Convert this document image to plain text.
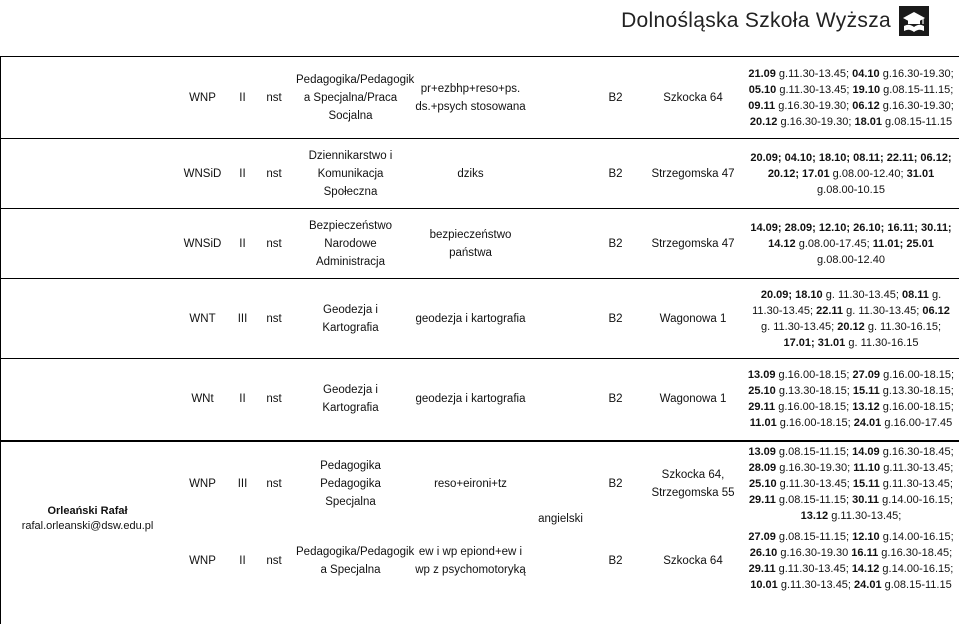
Dolnośląska Szkoła Wyższa
	WNP	II	nst	Pedagogika/Pedagogik a Specjalna/Praca Socjalna	pr+ezbhp+reso+ps. ds.+psych stosowana		B2	Szkocka 64	21.09 g.11.30-13.45; 04.10 g.16.30-19.30; 05.10 g.11.30-13.45; 19.10 g.08.15-11.15; 09.11 g.16.30-19.30; 06.12 g.16.30-19.30; 20.12 g.16.30-19.30; 18.01 g.08.15-11.15
	WNSiD	II	nst	Dziennikarstwo i Komunikacja Społeczna	dziks		B2	Strzegomska 47	20.09; 04.10; 18.10; 08.11; 22.11; 06.12; 20.12; 17.01 g.08.00-12.40; 31.01 g.08.00-10.15
	WNSiD	II	nst	Bezpieczeństwo Narodowe Administracja	bezpieczeństwo państwa		B2	Strzegomska 47	14.09; 28.09; 12.10; 26.10; 16.11; 30.11; 14.12 g.08.00-17.45; 11.01; 25.01 g.08.00-12.40
	WNT	III	nst	Geodezja i Kartografia	geodezja i kartografia		B2	Wagonowa 1	20.09; 18.10 g. 11.30-13.45; 08.11 g. 11.30-13.45; 22.11 g. 11.30-13.45; 06.12 g. 11.30-13.45; 20.12 g. 11.30-16.15; 17.01; 31.01 g. 11.30-16.15
	WNt	II	nst	Geodezja i Kartografia	geodezja i kartografia		B2	Wagonowa 1	13.09 g.16.00-18.15; 27.09 g.16.00-18.15; 25.10 g.13.30-18.15; 15.11 g.13.30-18.15; 29.11 g.16.00-18.15; 13.12 g.16.00-18.15; 11.01 g.16.00-18.15; 24.01 g.16.00-17.45

Orleański Rafał
rafal.orleanski@dsw.edu.pl	WNP	III	nst	Pedagogika Pedagogika Specjalna	reso+eironi+tz	angielski	B2	Szkocka 64, Strzegomska 55	13.09 g.08.15-11.15; 14.09 g.16.30-18.45; 28.09 g.16.30-19.30; 11.10 g.11.30-13.45; 25.10 g.11.30-13.45; 15.11 g.11.30-13.45; 29.11 g.08.15-11.15; 30.11 g.14.00-16.15; 13.12 g.11.30-13.45;
	WNP	II	nst	Pedagogika/Pedagogik a Specjalna	ew i wp epiond+ew i wp z psychomotoryką		B2	Szkocka 64	27.09 g.08.15-11.15; 12.10 g.14.00-16.15; 26.10 g.16.30-19.30 16.11 g.16.30-18.45; 29.11 g.11.30-13.45; 14.12 g.14.00-16.15; 10.01 g.11.30-13.45; 24.01 g.08.15-11.15
